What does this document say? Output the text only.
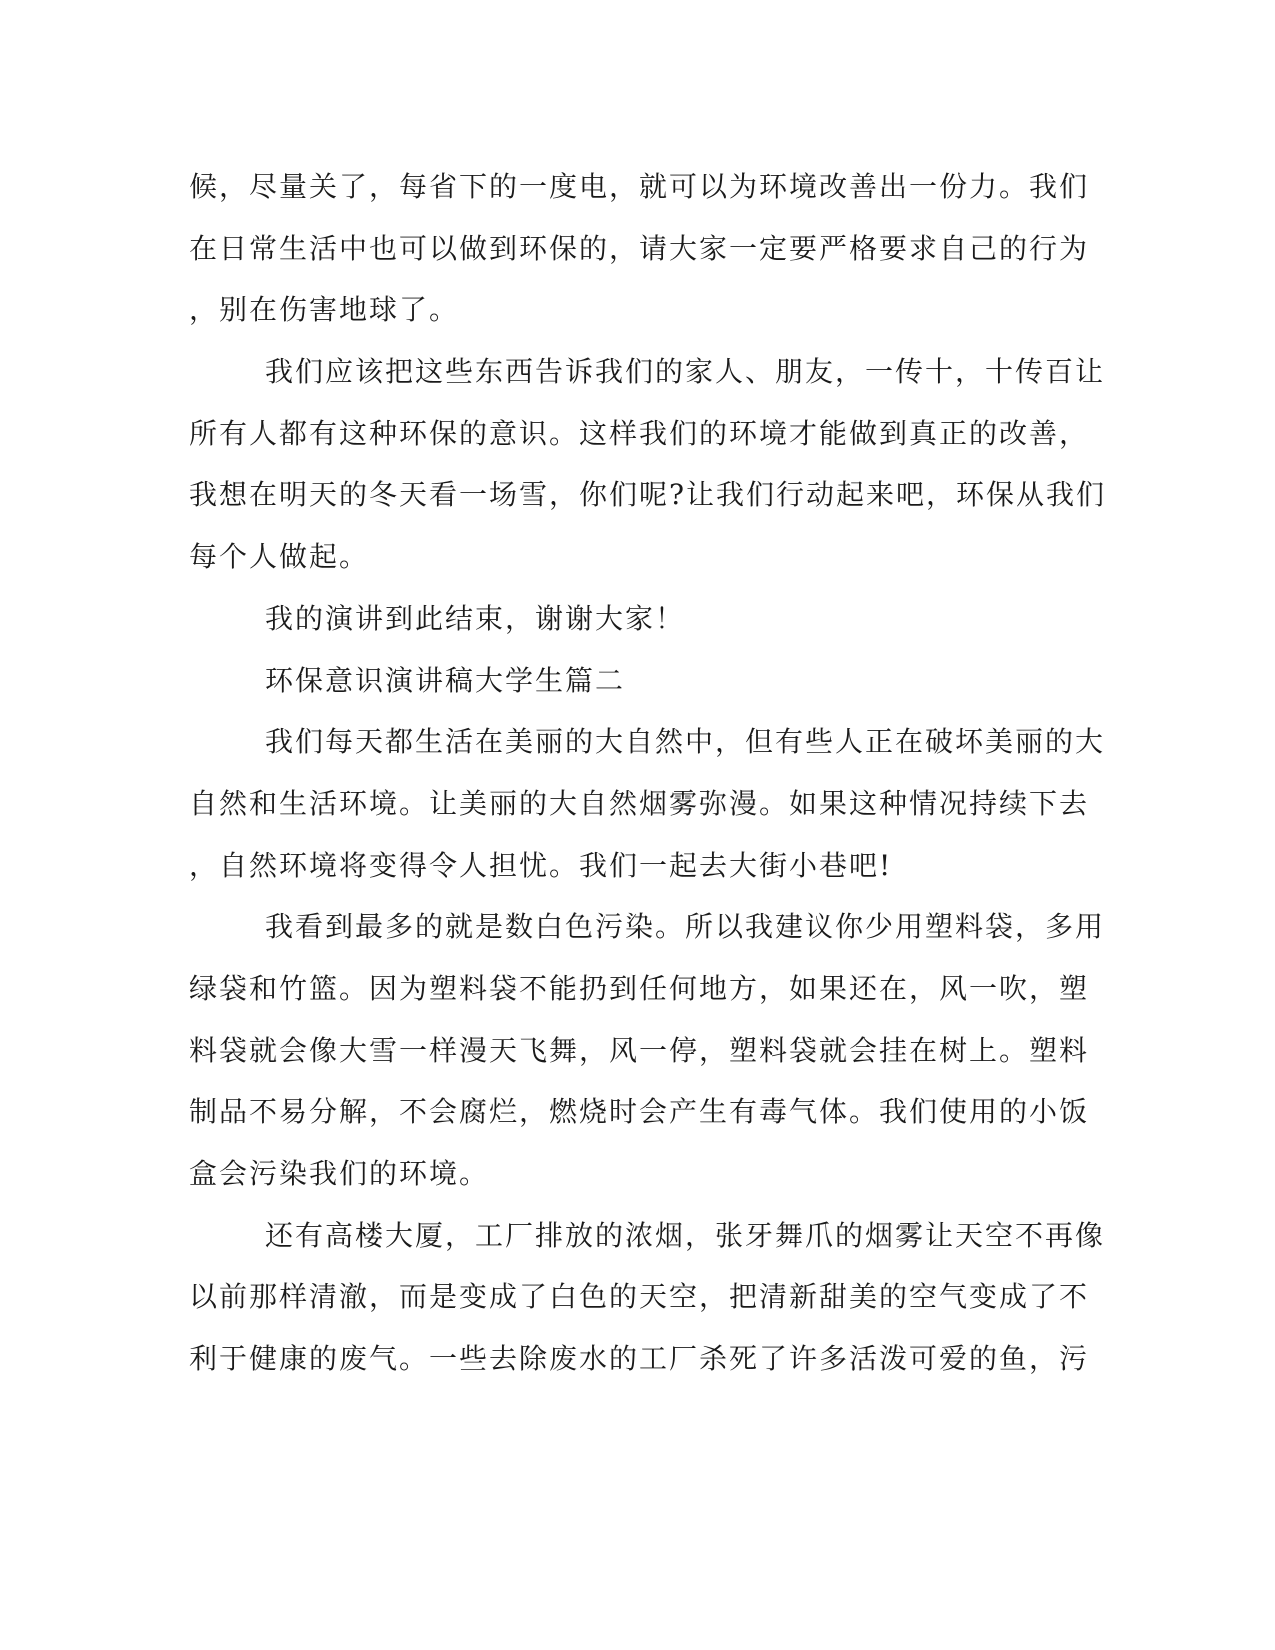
候，尽量关了，每省下的一度电，就可以为环境改善出一份力。我们
在日常生活中也可以做到环保的，请大家一定要严格要求自己的行为
，别在伤害地球了。
我们应该把这些东西告诉我们的家人、朋友，一传十，十传百让
所有人都有这种环保的意识。这样我们的环境才能做到真正的改善，
我想在明天的冬天看一场雪，你们呢?让我们行动起来吧，环保从我们
每个人做起。
我的演讲到此结束，谢谢大家！
环保意识演讲稿大学生篇二
我们每天都生活在美丽的大自然中，但有些人正在破坏美丽的大
自然和生活环境。让美丽的大自然烟雾弥漫。如果这种情况持续下去
，自然环境将变得令人担忧。我们一起去大街小巷吧!
我看到最多的就是数白色污染。所以我建议你少用塑料袋，多用
绿袋和竹篮。因为塑料袋不能扔到任何地方，如果还在，风一吹，塑
料袋就会像大雪一样漫天飞舞，风一停，塑料袋就会挂在树上。塑料
制品不易分解，不会腐烂，燃烧时会产生有毒气体。我们使用的小饭
盒会污染我们的环境。
还有高楼大厦，工厂排放的浓烟，张牙舞爪的烟雾让天空不再像
以前那样清澈，而是变成了白色的天空，把清新甜美的空气变成了不
利于健康的废气。一些去除废水的工厂杀死了许多活泼可爱的鱼，污
